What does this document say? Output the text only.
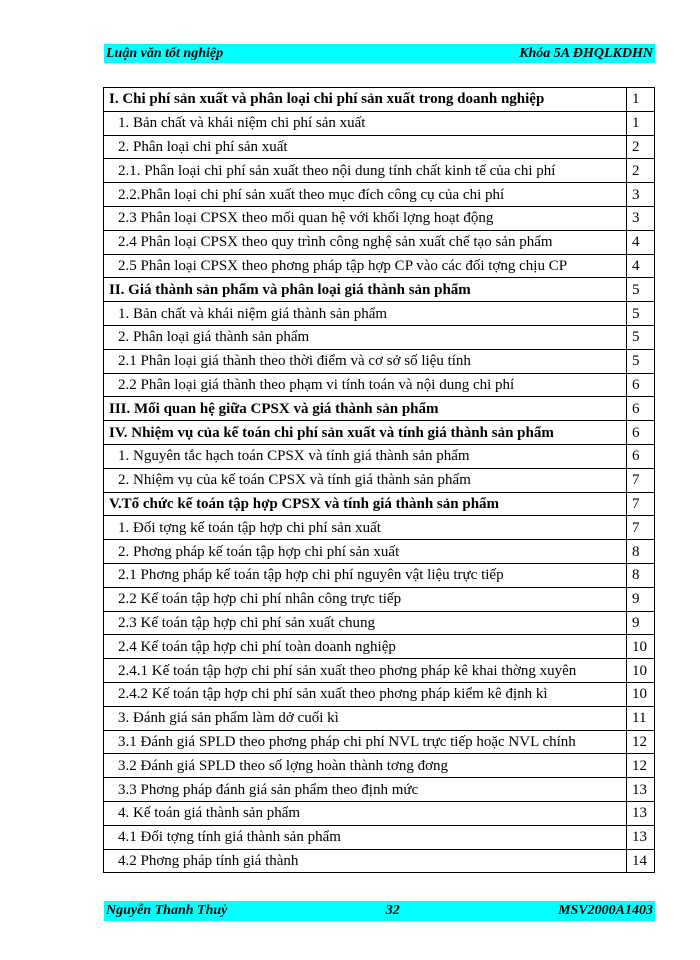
Luận văn tốt nghiệp	Khóa 5A ĐHQLKDHN
I. Chi phí sản xuất và phân loại chi phí sản xuất trong doanh nghiệp	1
1. Bản chất và khái niệm chi phí sản xuất	1
2. Phân loại chi phí sản xuất	2
2.1. Phân loại chi phí sản xuất theo nội dung tính chất kinh tế của chi phí	2
2.2.Phân loại chi phí sản xuất theo mục đích công cụ của chi phí	3
2.3 Phân loại CPSX theo mối quan hệ với khối lợng hoạt động	3
2.4 Phân loại CPSX theo quy trình công nghệ sản xuất chế tạo sản phẩm	4
2.5 Phân loại CPSX theo phơng pháp tập hợp CP vào các đối tợng chịu CP	4
II. Giá thành sản phẩm và phân loại giá thành sản phẩm	5
1. Bản chất và khái niệm giá thành sản phẩm	5
2. Phân loại giá thành sản phẩm	5
2.1 Phân loại giá thành theo thời điểm và cơ sở số liệu tính	5
2.2 Phân loại giá thành theo phạm vi tính toán và nội dung chi phí	6
III. Mối quan hệ giữa CPSX và giá thành sản phẩm	6
IV. Nhiệm vụ của kế toán chi phí sản xuất và tính giá thành sản phẩm	6
1. Nguyên tắc hạch toán CPSX và tính giá thành sản phẩm	6
2. Nhiệm vụ của kế toán CPSX và tính giá thành sản phẩm	7
V.Tổ chức kế toán tập hợp CPSX và tính giá thành sản phẩm	7
1. Đối tợng kế toán tập hợp chi phí sản xuất	7
2. Phơng pháp kế toán tập hợp chi phí sản xuất	8
2.1 Phơng pháp kế toán tập hợp chi phí nguyên vật liệu trực tiếp	8
2.2 Kế toán tập hợp chi phí nhân công trực tiếp	9
2.3 Kế toán tập hợp chi phí sản xuất chung	9
2.4 Kế toán tập hợp chi phí toàn doanh nghiệp	10
2.4.1 Kế toán tập hợp chi phí sản xuất theo phơng pháp kê khai thờng xuyên	10
2.4.2 Kế toán tập hợp chi phí sản xuất theo phơng pháp kiểm kê định kì	10
3. Đánh giá sản phẩm làm dở cuối kì	11
3.1 Đánh giá SPLD theo phơng pháp chi phí NVL trực tiếp hoặc NVL chính	12
3.2 Đánh giá SPLD theo số lợng hoàn thành tơng đơng	12
3.3 Phơng pháp đánh giá sản phẩm theo định mức	13
4. Kế toán giá thành sản phẩm	13
4.1 Đối tợng tính giá thành sản phẩm	13
4.2 Phơng pháp tính giá thành	14
Nguyễn Thanh Thuỷ	32	MSV2000A1403
